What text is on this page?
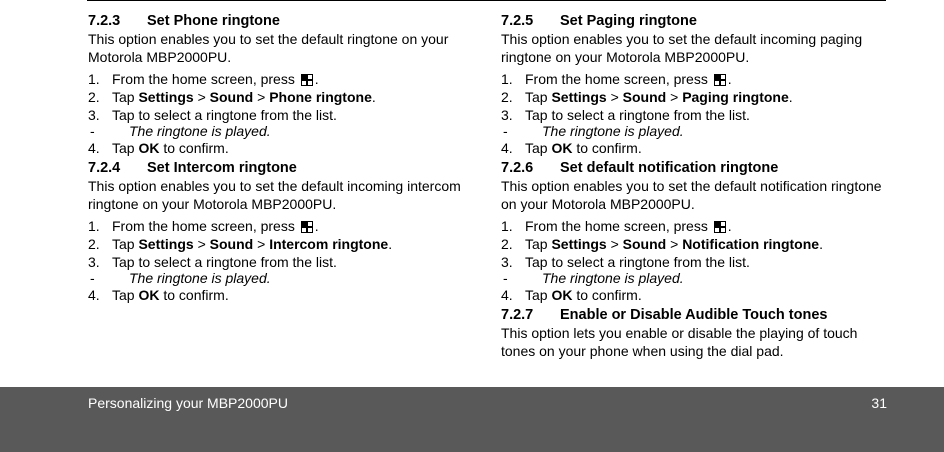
7.2.3	Set Phone ringtone

This option enables you to set the default ringtone on your Motorola MBP2000PU.

1. From the home screen, press .
2. Tap Settings > Sound > Phone ringtone.
3. Tap to select a ringtone from the list.
- The ringtone is played.
4. Tap OK to confirm.
7.2.4	Set Intercom ringtone

This option enables you to set the default incoming intercom ringtone on your Motorola MBP2000PU.

1. From the home screen, press .
2. Tap Settings > Sound > Intercom ringtone.
3. Tap to select a ringtone from the list.
- The ringtone is played.
4. Tap OK to confirm.
7.2.5	Set Paging ringtone

This option enables you to set the default incoming paging ringtone on your Motorola MBP2000PU.

1. From the home screen, press .
2. Tap Settings > Sound > Paging ringtone.
3. Tap to select a ringtone from the list.
- The ringtone is played.
4. Tap OK to confirm.
7.2.6	Set default notification ringtone

This option enables you to set the default notification ringtone on your Motorola MBP2000PU.

1. From the home screen, press .
2. Tap Settings > Sound > Notification ringtone.
3. Tap to select a ringtone from the list.
- The ringtone is played.
4. Tap OK to confirm.
7.2.7	Enable or Disable Audible Touch tones

This option lets you enable or disable the playing of touch tones on your phone when using the dial pad.

Personalizing your MBP2000PU	31
